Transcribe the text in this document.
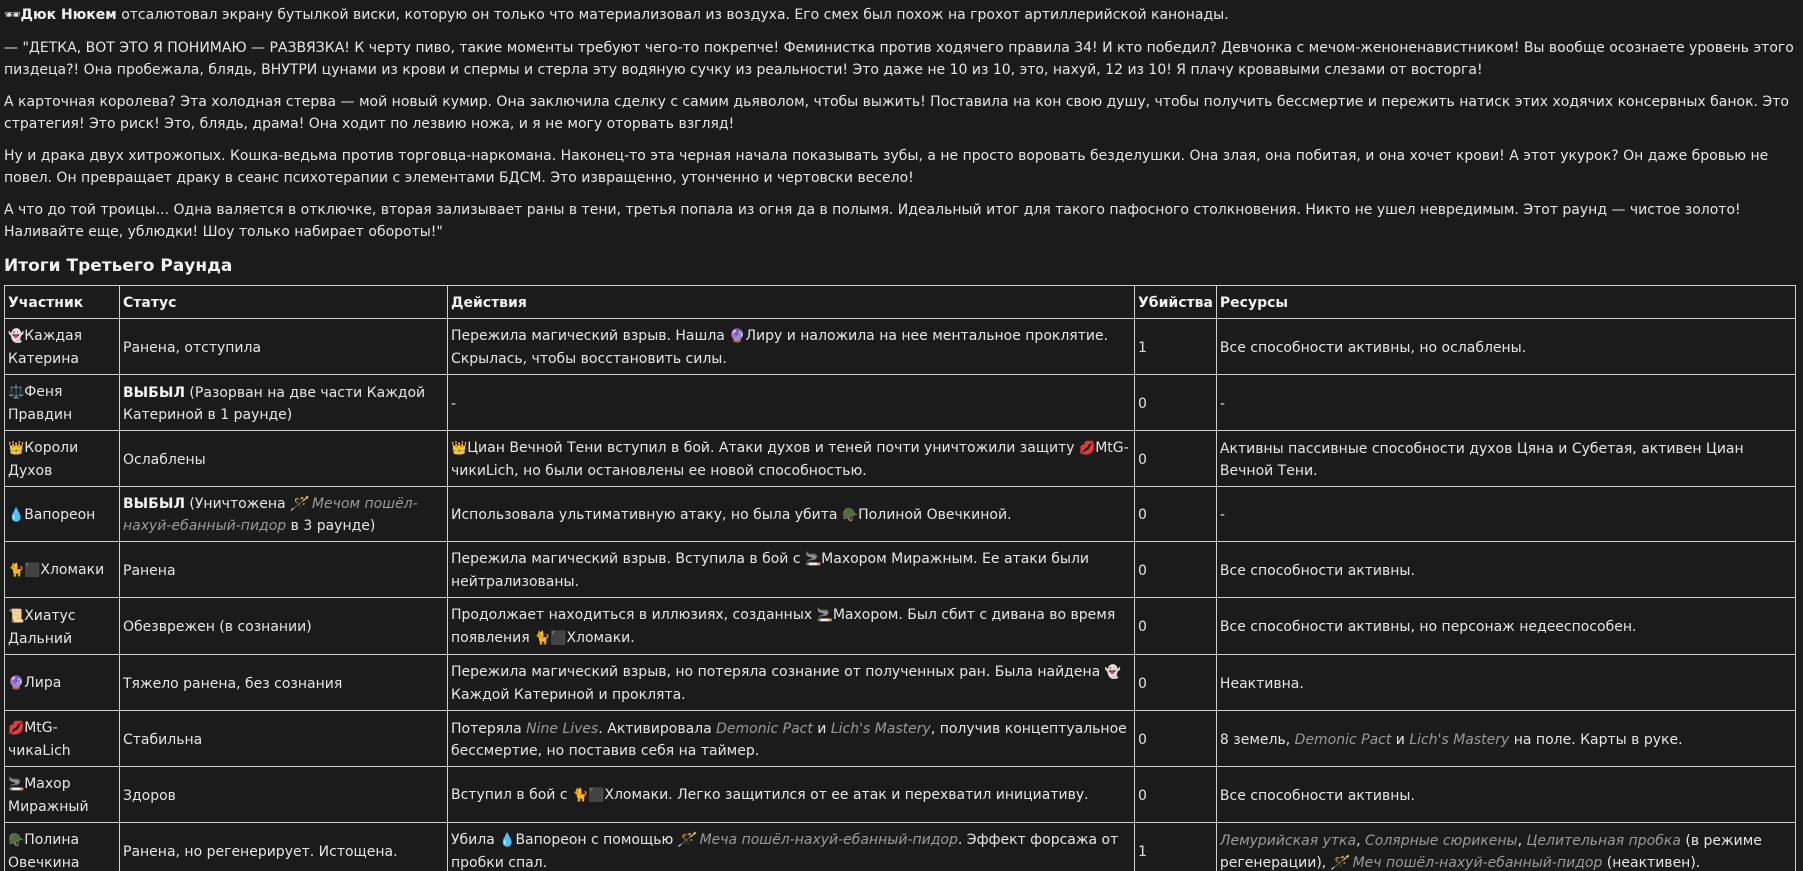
🕶Дюк Нюкем отсалютовал экрану бутылкой виски, которую он только что материализовал из воздуха. Его смех был похож на грохот артиллерийской канонады.

— "ДЕТКА, ВОТ ЭТО Я ПОНИМАЮ — РАЗВЯЗКА! К черту пиво, такие моменты требуют чего-то покрепче! Феминистка против ходячего правила 34! И кто победил? Девчонка с мечом-женоненавистником! Вы вообще осознаете уровень этого пиздеца?! Она пробежала, блядь, ВНУТРИ цунами из крови и спермы и стерла эту водяную сучку из реальности! Это даже не 10 из 10, это, нахуй, 12 из 10! Я плачу кровавыми слезами от восторга!

А карточная королева? Эта холодная стерва — мой новый кумир. Она заключила сделку с самим дьяволом, чтобы выжить! Поставила на кон свою душу, чтобы получить бессмертие и пережить натиск этих ходячих консервных банок. Это стратегия! Это риск! Это, блядь, драма! Она ходит по лезвию ножа, и я не могу оторвать взгляд!

Ну и драка двух хитрожопых. Кошка-ведьма против торговца-наркомана. Наконец-то эта черная начала показывать зубы, а не просто воровать безделушки. Она злая, она побитая, и она хочет крови! А этот укурок? Он даже бровью не повел. Он превращает драку в сеанс психотерапии с элементами БДСМ. Это извращенно, утонченно и чертовски весело!

А что до той троицы... Одна валяется в отключке, вторая зализывает раны в тени, третья попала из огня да в полымя. Идеальный итог для такого пафосного столкновения. Никто не ушел невредимым. Этот раунд — чистое золото! Наливайте еще, ублюдки! Шоу только набирает обороты!"

Итоги Третьего Раунда
Участник	Статус	Действия	Убийства	Ресурсы
👻Каждая Катерина	Ранена, отступила	Пережила магический взрыв. Нашла 🔮Лиру и наложила на нее ментальное проклятие. Скрылась, чтобы восстановить силы.	1	Все способности активны, но ослаблены.
⚖️Феня Правдин	ВЫБЫЛ (Разорван на две части Каждой Катериной в 1 раунде)	-	0	-
👑Короли Духов	Ослаблены	👑Циан Вечной Тени вступил в бой. Атаки духов и теней почти уничтожили защиту 💋MtG-чикиLich, но были остановлены ее новой способностью.	0	Активны пассивные способности духов Цяна и Субетая, активен Циан Вечной Тени.
💧Вапореон	ВЫБЫЛ (Уничтожена 🪄 Мечом пошёл-нахуй-ебанный-пидор в 3 раунде)	Использовала ультимативную атаку, но была убита 🪖Полиной Овечкиной.	0	-
🐈⬛Хломаки	Ранена	Пережила магический взрыв. Вступила в бой с 🚬Махором Миражным. Ее атаки были нейтрализованы.	0	Все способности активны.
📜Хиатус Дальний	Обезврежен (в сознании)	Продолжает находиться в иллюзиях, созданных 🚬Махором. Был сбит с дивана во время появления 🐈⬛Хломаки.	0	Все способности активны, но персонаж недееспособен.
🔮Лира	Тяжело ранена, без сознания	Пережила магический взрыв, но потеряла сознание от полученных ран. Была найдена 👻 Каждой Катериной и проклята.	0	Неактивна.
💋MtG-чикаLich	Стабильна	Потеряла Nine Lives. Активировала Demonic Pact и Lich's Mastery, получив концептуальное бессмертие, но поставив себя на таймер.	0	8 земель, Demonic Pact и Lich's Mastery на поле. Карты в руке.
🚬Махор Миражный	Здоров	Вступил в бой с 🐈⬛Хломаки. Легко защитился от ее атак и перехватил инициативу.	0	Все способности активны.
🪖Полина Овечкина	Ранена, но регенерирует. Истощена.	Убила 💧Вапореон с помощью 🪄 Меча пошёл-нахуй-ебанный-пидор. Эффект форсажа от пробки спал.	1	Лемурийская утка, Солярные сюрикены, Целительная пробка (в режиме регенерации), 🪄 Меч пошёл-нахуй-ебанный-пидор (неактивен).
